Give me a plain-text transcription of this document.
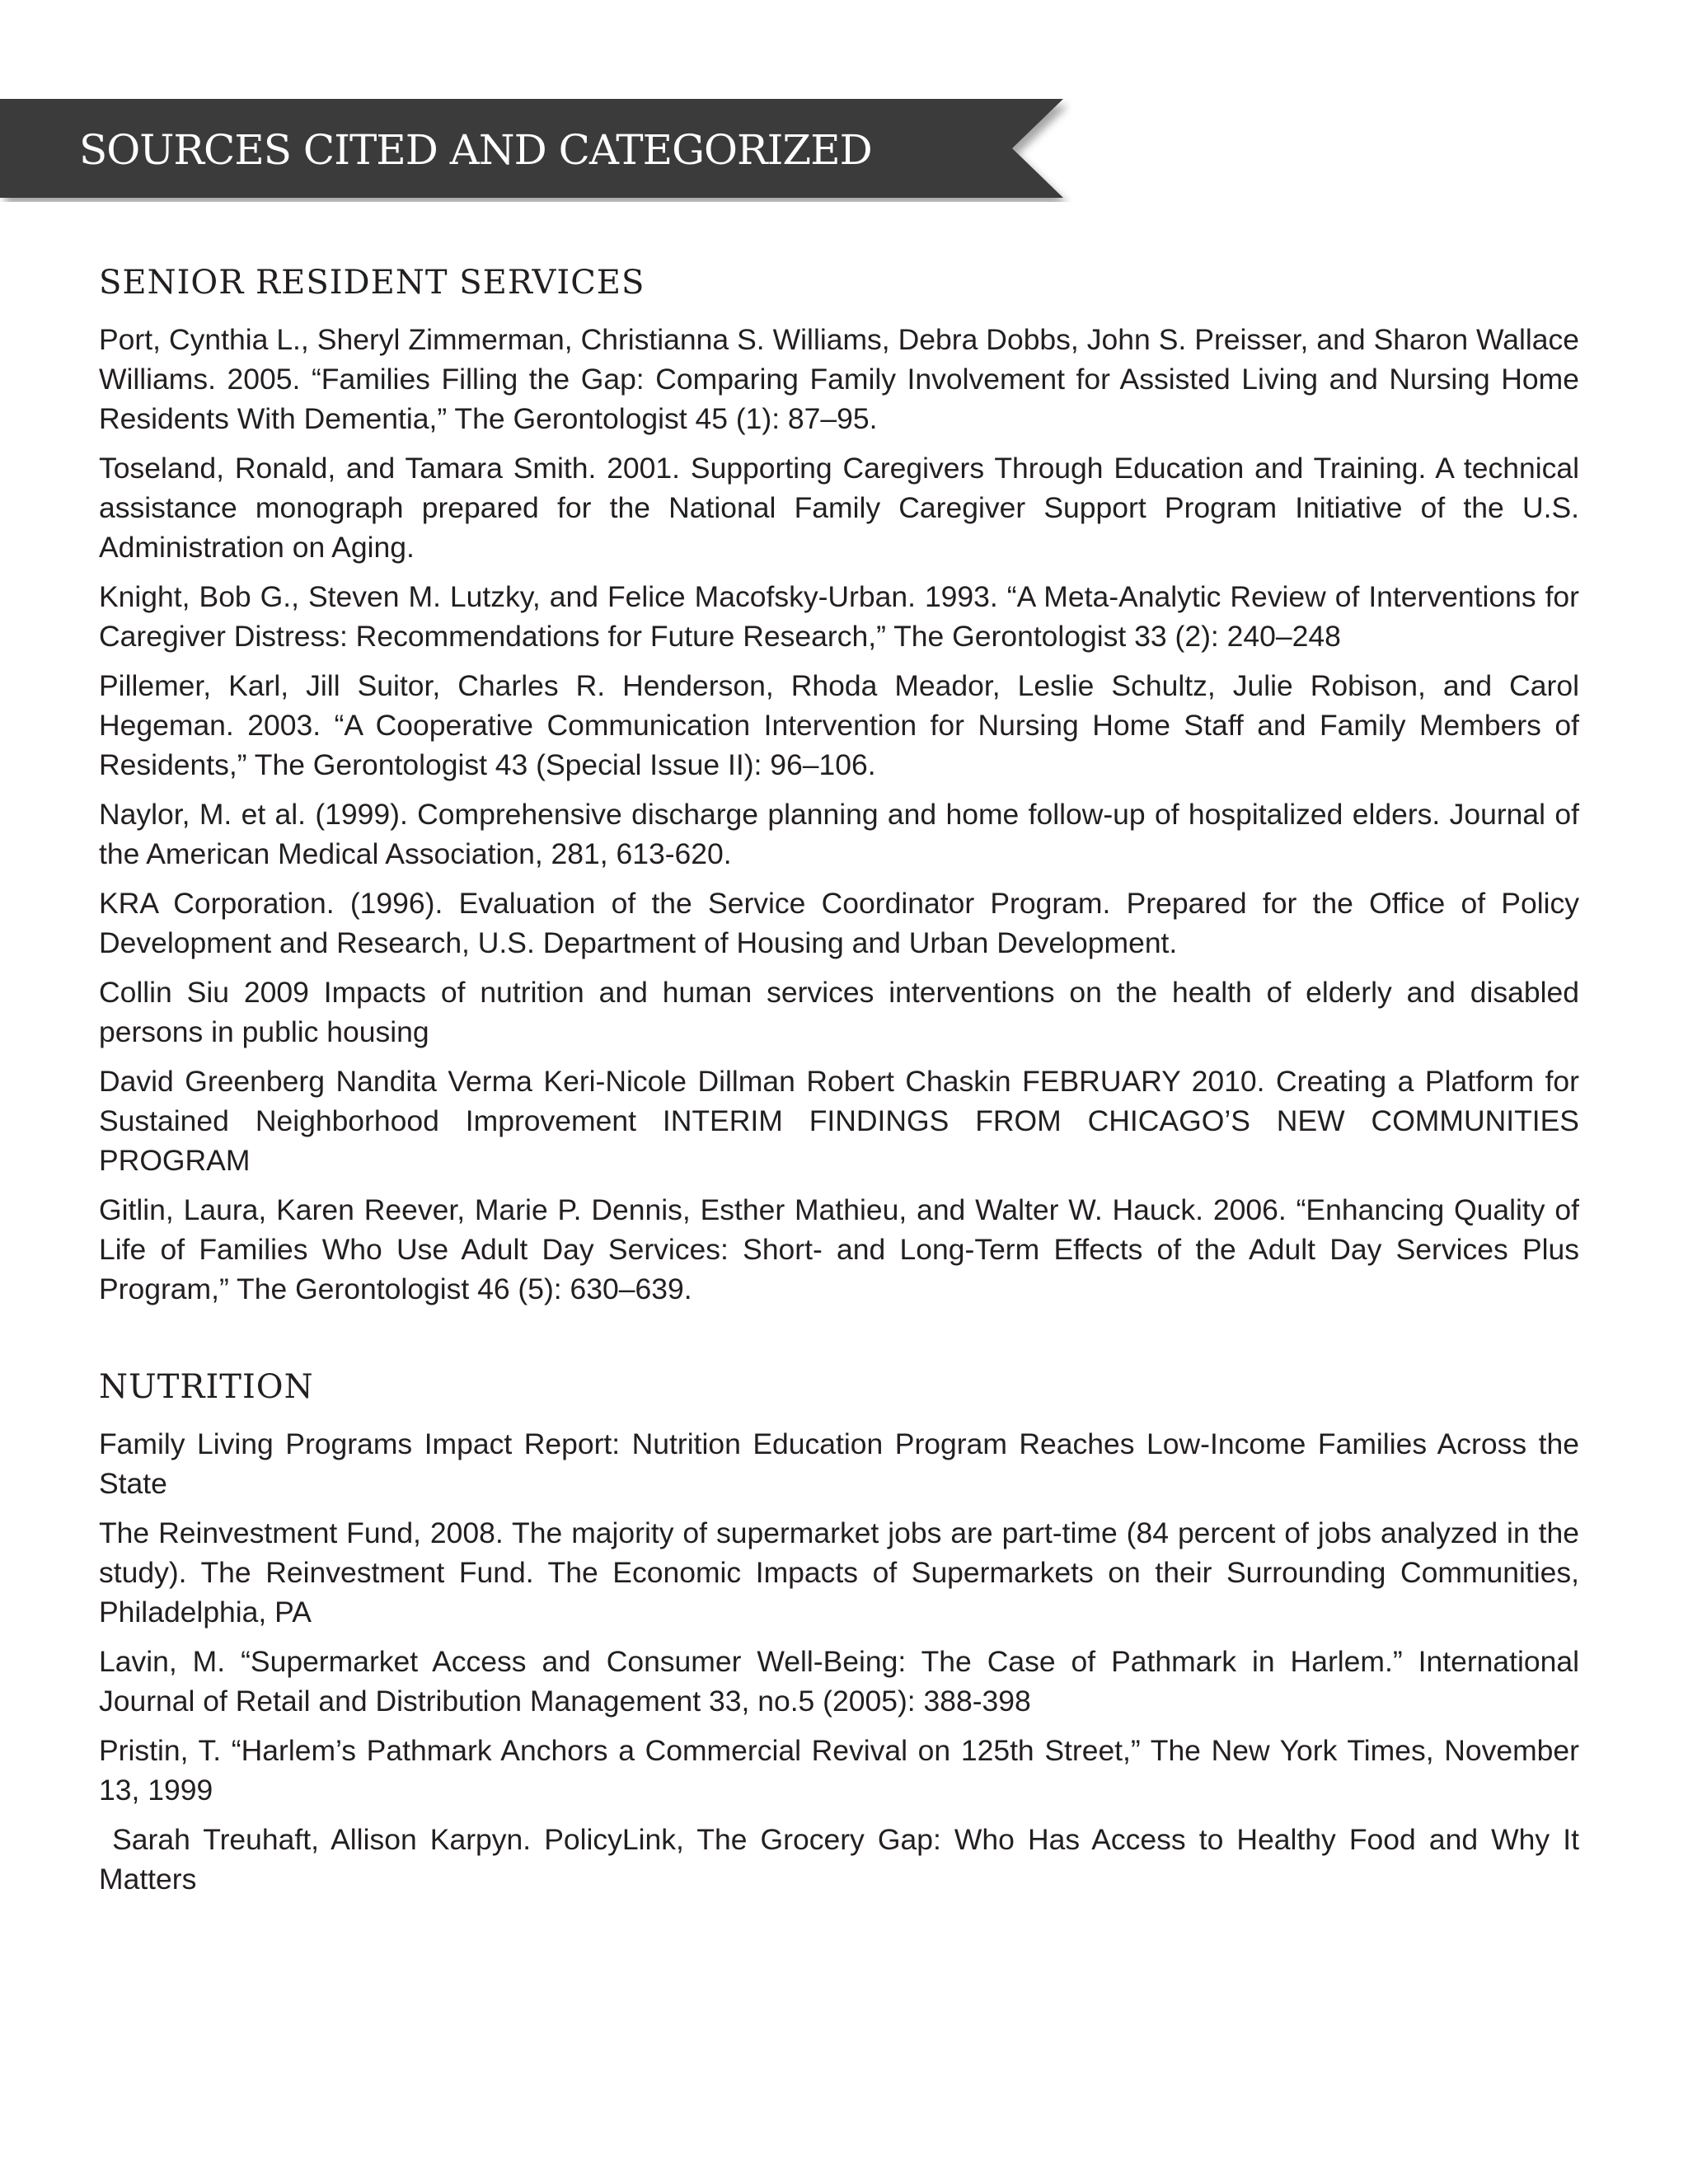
SOURCES CITED AND CATEGORIZED
SENIOR RESIDENT SERVICES

Port, Cynthia L., Sheryl Zimmerman, Christianna S. Williams, Debra Dobbs, John S. Preisser, and Sharon Wallace Williams. 2005. “Families Filling the Gap: Comparing Family Involvement for Assisted Living and Nursing Home Residents With Dementia,” The Gerontologist 45 (1): 87–95.

Toseland, Ronald, and Tamara Smith. 2001. Supporting Caregivers Through Education and Training. A technical assistance monograph prepared for the National Family Caregiver Support Program Initiative of the U.S. Administration on Aging.

Knight, Bob G., Steven M. Lutzky, and Felice Macofsky-Urban. 1993. “A Meta-Analytic Review of Interventions for Caregiver Distress: Recommendations for Future Research,” The Gerontologist 33 (2): 240–248

Pillemer, Karl, Jill Suitor, Charles R. Henderson, Rhoda Meador, Leslie Schultz, Julie Robison, and Carol Hegeman. 2003. “A Cooperative Communication Intervention for Nursing Home Staff and Family Members of Residents,” The Gerontologist 43 (Special Issue II): 96–106.

Naylor, M. et al. (1999). Comprehensive discharge planning and home follow-up of hospitalized elders. Journal of the American Medical Association, 281, 613-620.

KRA Corporation. (1996). Evaluation of the Service Coordinator Program. Prepared for the Office of Policy Development and Research, U.S. Department of Housing and Urban Development.

Collin Siu 2009 Impacts of nutrition and human services interventions on the health of elderly and disabled persons in public housing

David Greenberg Nandita Verma Keri-Nicole Dillman Robert Chaskin FEBRUARY 2010. Creating a Platform for Sustained Neighborhood Improvement INTERIM FINDINGS FROM CHICAGO’S NEW COMMUNITIES PROGRAM

Gitlin, Laura, Karen Reever, Marie P. Dennis, Esther Mathieu, and Walter W. Hauck. 2006. “Enhancing Quality of Life of Families Who Use Adult Day Services: Short- and Long-Term Effects of the Adult Day Services Plus Program,” The Gerontologist 46 (5): 630–639.

NUTRITION

Family Living Programs Impact Report: Nutrition Education Program Reaches Low-Income Families Across the State

The Reinvestment Fund, 2008. The majority of supermarket jobs are part-time (84 percent of jobs analyzed in the study). The Reinvestment Fund. The Economic Impacts of Supermarkets on their Surrounding Communities, Philadelphia, PA

Lavin, M. “Supermarket Access and Consumer Well-Being: The Case of Pathmark in Harlem.” International Journal of Retail and Distribution Management 33, no.5 (2005): 388-398

Pristin, T. “Harlem’s Pathmark Anchors a Commercial Revival on 125th Street,” The New York Times, November 13, 1999

Sarah Treuhaft, Allison Karpyn. PolicyLink, The Grocery Gap: Who Has Access to Healthy Food and Why It Matters
